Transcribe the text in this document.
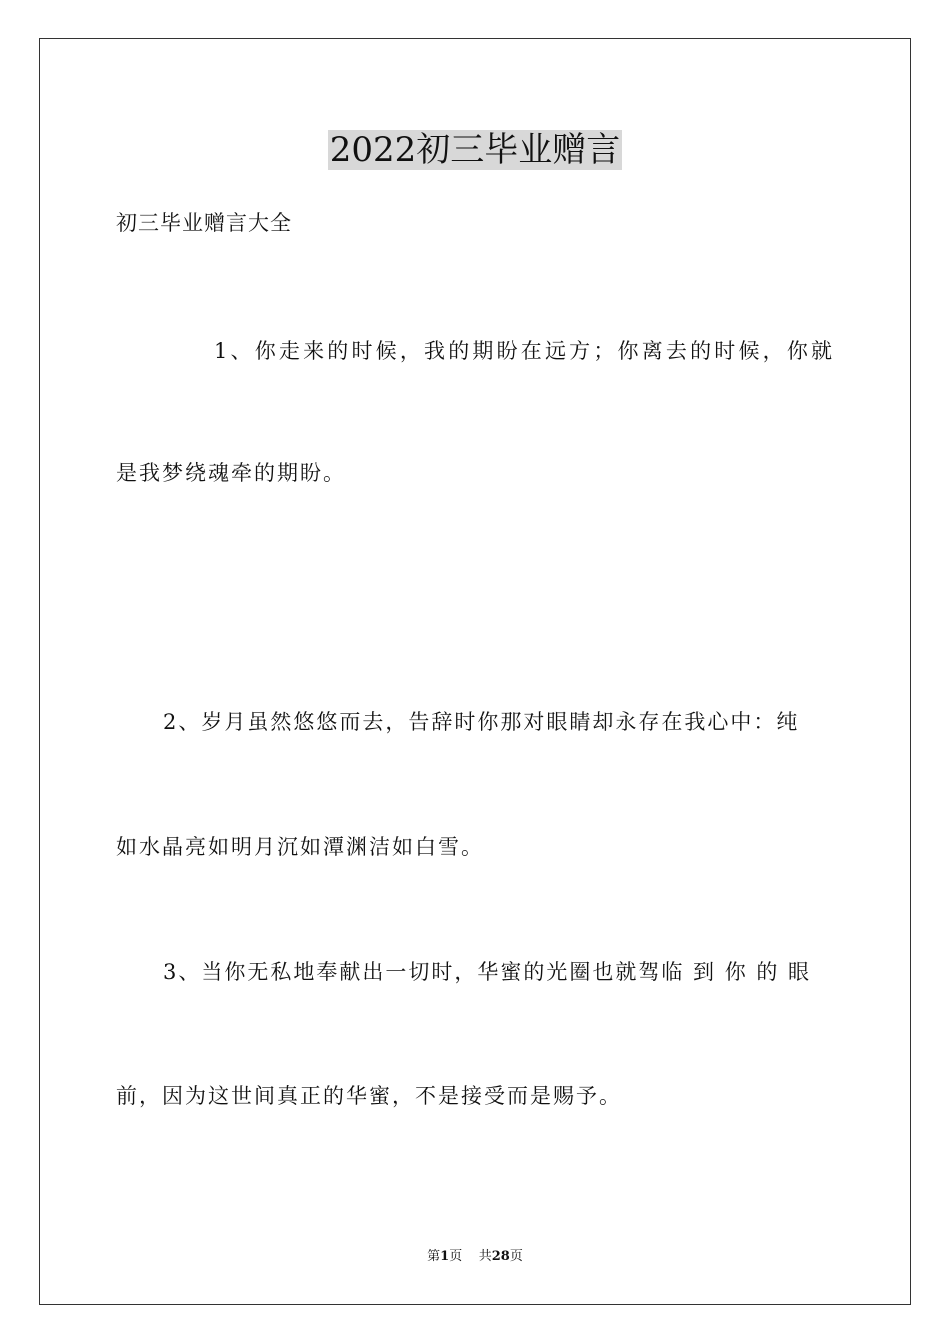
2022初三毕业赠言

初三毕业赠言大全

1、你走来的时候，我的期盼在远方；你离去的时候，你就

是我梦绕魂牵的期盼。

2、岁月虽然悠悠而去，告辞时你那对眼睛却永存在我心中：纯

如水晶亮如明月沉如潭渊洁如白雪。

3、当你无私地奉献出一切时，华蜜的光圈也就驾临 到 你 的 眼

前，因为这世间真正的华蜜，不是接受而是赐予。

第1页 共28页
